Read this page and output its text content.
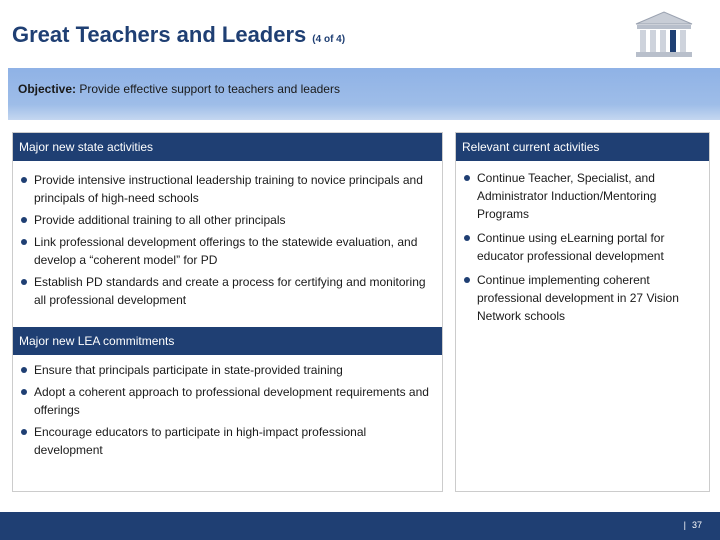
Great Teachers and Leaders (4 of 4)
Objective: Provide effective support to teachers and leaders
Major new state activities
Provide intensive instructional leadership training to novice principals and principals of high-need schools
Provide additional training to all other principals
Link professional development offerings to the statewide evaluation, and develop a “coherent model” for PD
Establish PD standards and create a process for certifying and monitoring all professional development
Major new LEA commitments
Ensure that principals participate in state-provided training
Adopt a coherent approach to professional development requirements and offerings
Encourage educators to participate in high-impact professional development
Relevant current activities
Continue Teacher, Specialist, and Administrator Induction/Mentoring Programs
Continue using eLearning portal for educator professional development
Continue implementing coherent professional development in 27 Vision Network schools
| 37
